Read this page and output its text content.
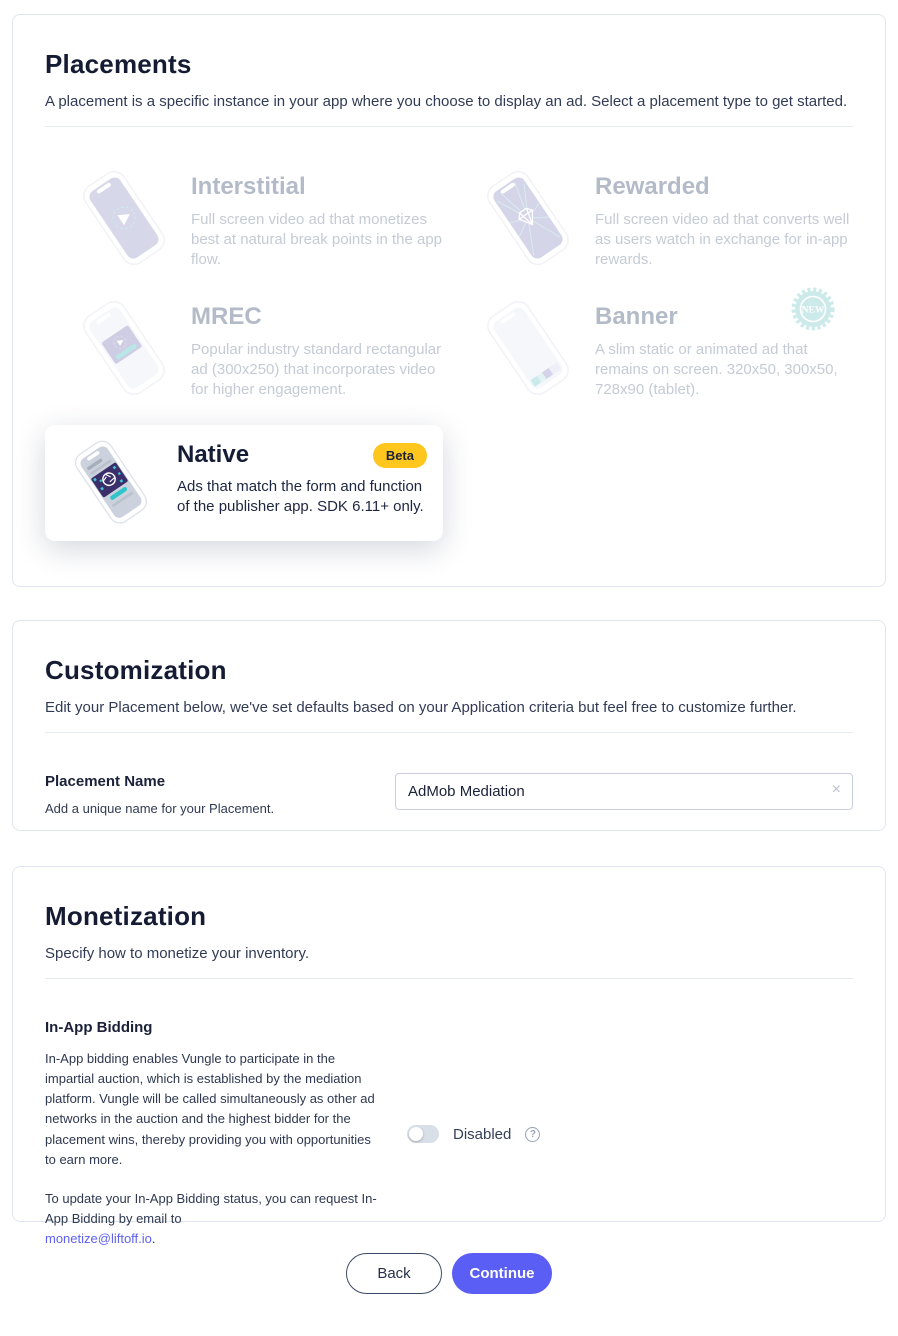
Placements

A placement is a specific instance in your app where you choose to display an ad. Select a placement type to get started.

Interstitial
Full screen video ad that monetizes best at natural break points in the app flow.
Rewarded
Full screen video ad that converts well as users watch in exchange for in-app rewards.
MREC
Popular industry standard rectangular ad (300x250) that incorporates video for higher engagement.
Banner
A slim static or animated ad that remains on screen. 320x50, 300x50, 728x90 (tablet).
NEW
Native	Beta
Ads that match the form and function of the publisher app. SDK 6.11+ only.
Customization

Edit your Placement below, we've set defaults based on your Application criteria but feel free to customize further.

Placement Name
Add a unique name for your Placement.
AdMob Mediation
×
Monetization

Specify how to monetize your inventory.

In-App Bidding

In-App bidding enables Vungle to participate in the impartial auction, which is established by the mediation platform. Vungle will be called simultaneously as other ad networks in the auction and the highest bidder for the placement wins, thereby providing you with opportunities to earn more.

To update your In-App Bidding status, you can request In-App Bidding by email to
monetize@liftoff.io.

Disabled	?
Back	Continue
